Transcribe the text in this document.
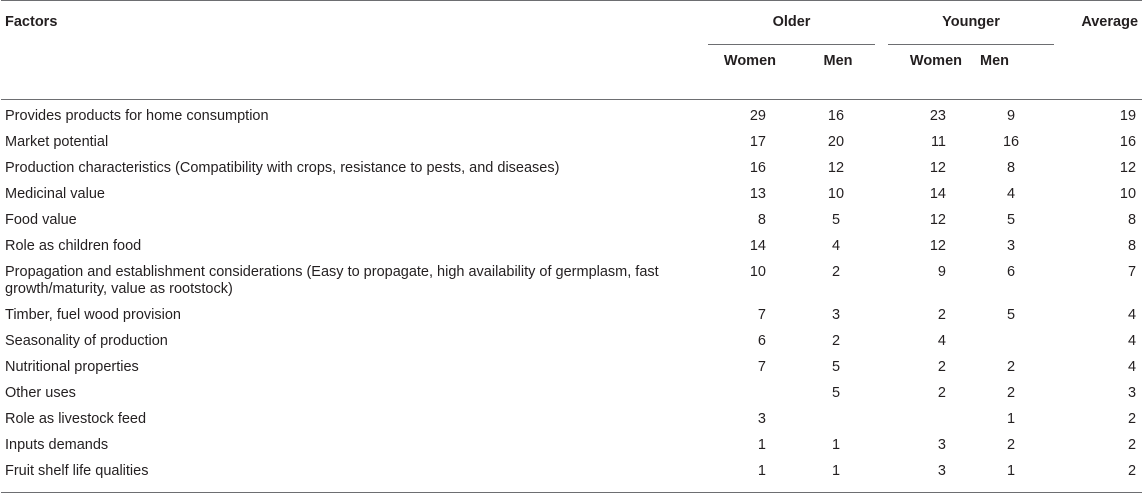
Factors	Older		Younger		Average
	Women	Men	Women	Men	

Provides products for home consumption	29	16	23	9	19
Market potential	17	20	11	16	16
Production characteristics (Compatibility with crops, resistance to pests, and diseases)	16	12	12	8	12
Medicinal value	13	10	14	4	10
Food value	8	5	12	5	8
Role as children food	14	4	12	3	8
Propagation and establishment considerations (Easy to propagate, high availability of germplasm, fast growth/maturity, value as rootstock)	10	2	9	6	7
Timber, fuel wood provision	7	3	2	5	4
Seasonality of production	6	2	4		4
Nutritional properties	7	5	2	2	4
Other uses		5	2	2	3
Role as livestock feed	3			1	2
Inputs demands	1	1	3	2	2
Fruit shelf life qualities	1	1	3	1	2
